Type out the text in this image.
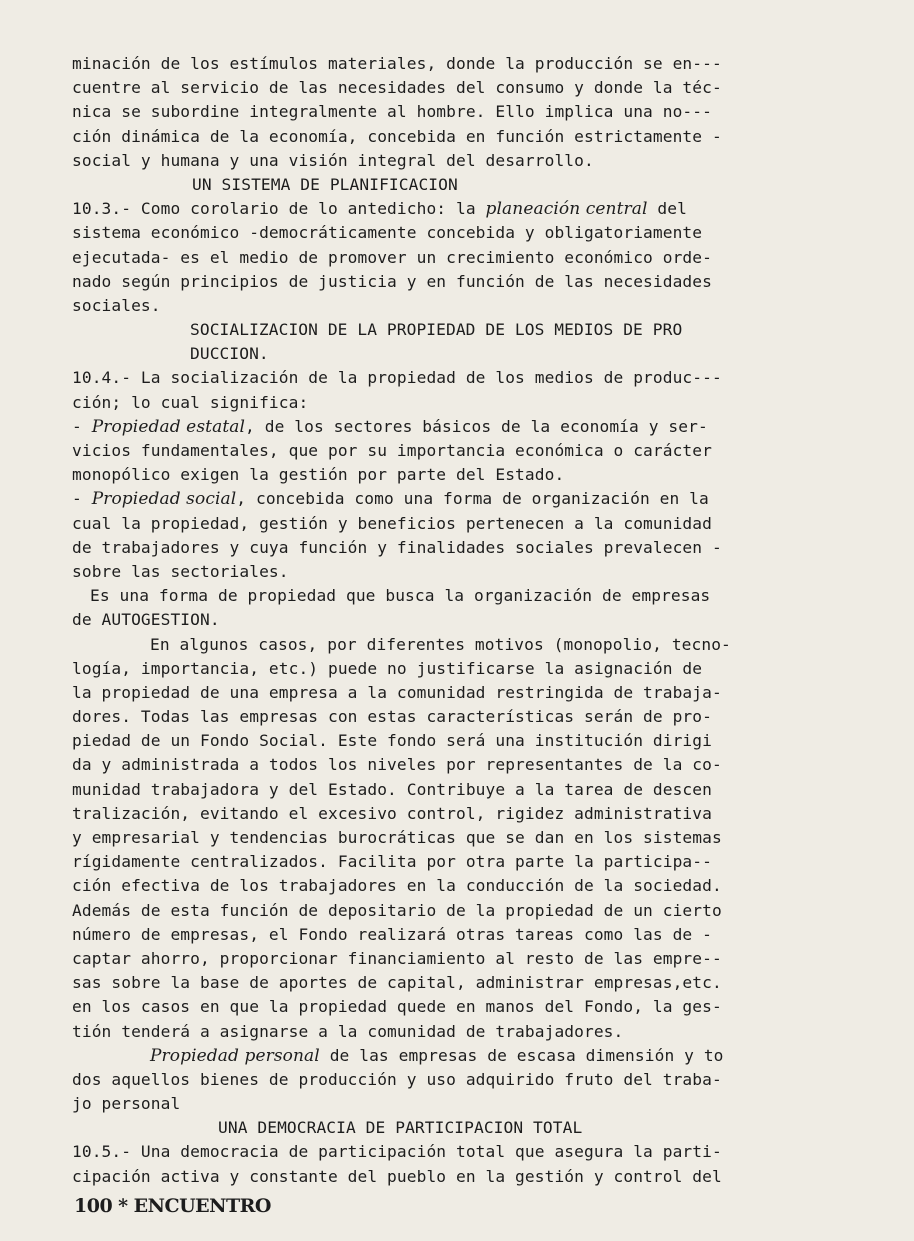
minación de los estímulos materiales, donde la producción se en---
cuentre al servicio de las necesidades del consumo y donde la téc-
nica se subordine integralmente al hombre. Ello implica una no---
ción dinámica de la economía, concebida en función estrictamente -
social y humana y una visión integral del desarrollo.
UN SISTEMA DE PLANIFICACION
10.3.- Como corolario de lo antedicho: la planeación central del
sistema económico -democráticamente concebida y obligatoriamente
ejecutada- es el medio de promover un crecimiento económico orde-
nado según principios de justicia y en función de las necesidades
sociales.
SOCIALIZACION DE LA PROPIEDAD DE LOS MEDIOS DE PRO
DUCCION.
10.4.- La socialización de la propiedad de los medios de produc---
ción; lo cual significa:
- Propiedad estatal, de los sectores básicos de la economía y ser-
vicios fundamentales, que por su importancia económica o carácter
monopólico exigen la gestión por parte del Estado.
- Propiedad social, concebida como una forma de organización en la
cual la propiedad, gestión y beneficios pertenecen a la comunidad
de trabajadores y cuya función y finalidades sociales prevalecen -
sobre las sectoriales.
Es una forma de propiedad que busca la organización de empresas
de AUTOGESTION.
En algunos casos, por diferentes motivos (monopolio, tecno-
logía, importancia, etc.) puede no justificarse la asignación de
la propiedad de una empresa a la comunidad restringida de trabaja-
dores. Todas las empresas con estas características serán de pro-
piedad de un Fondo Social. Este fondo será una institución dirigi
da y administrada a todos los niveles por representantes de la co-
munidad trabajadora y del Estado. Contribuye a la tarea de descen
tralización, evitando el excesivo control, rigidez administrativa
y empresarial y tendencias burocráticas que se dan en los sistemas
rígidamente centralizados. Facilita por otra parte la participa--
ción efectiva de los trabajadores en la conducción de la sociedad.
Además de esta función de depositario de la propiedad de un cierto
número de empresas, el Fondo realizará otras tareas como las de -
captar ahorro, proporcionar financiamiento al resto de las empre--
sas sobre la base de aportes de capital, administrar empresas,etc.
en los casos en que la propiedad quede en manos del Fondo, la ges-
tión tenderá a asignarse a la comunidad de trabajadores.
Propiedad personal de las empresas de escasa dimensión y to
dos aquellos bienes de producción y uso adquirido fruto del traba-
jo personal
UNA DEMOCRACIA DE PARTICIPACION TOTAL
10.5.- Una democracia de participación total que asegura la parti-
cipación activa y constante del pueblo en la gestión y control del
100 * ENCUENTRO
